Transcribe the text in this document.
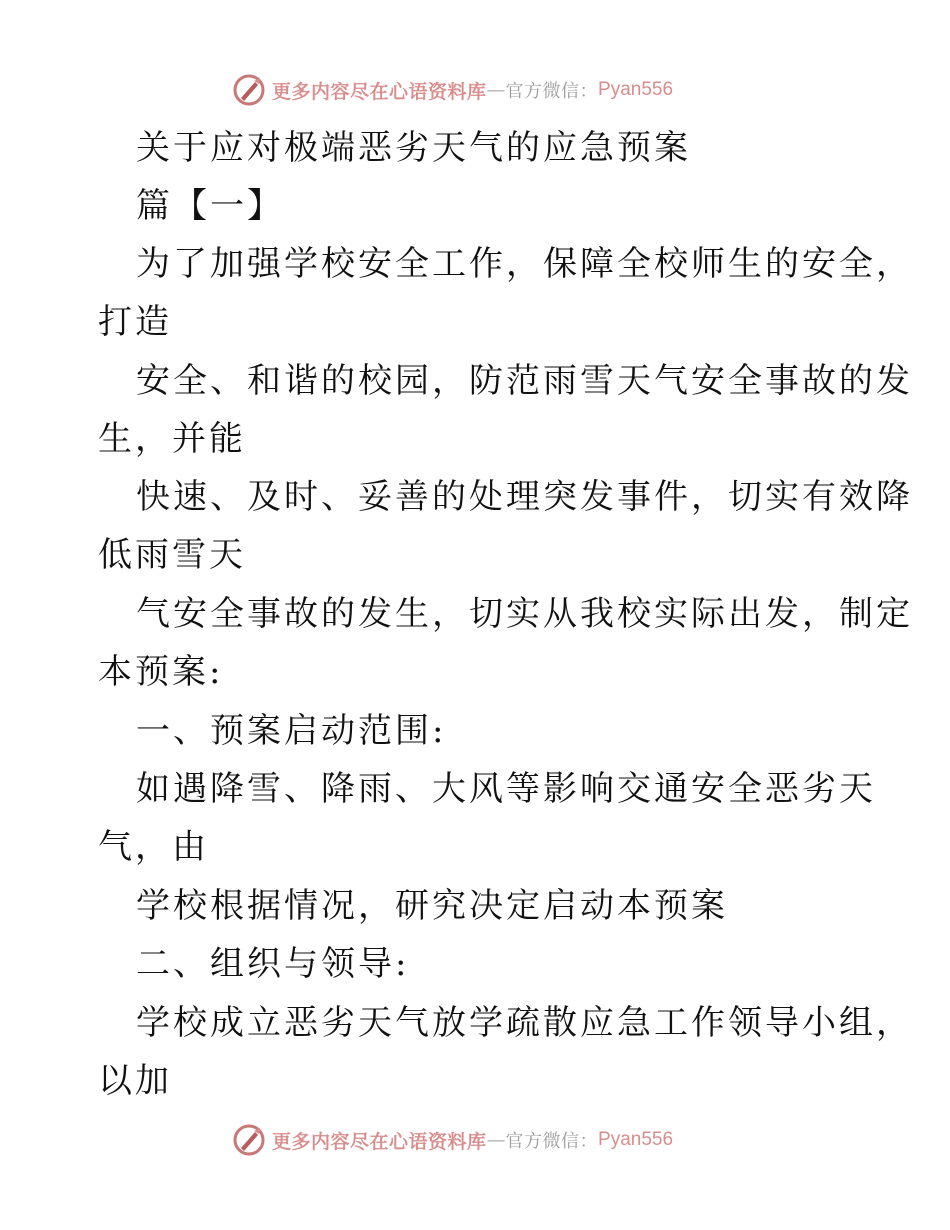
更多内容尽在心语资料库 — 官方微信： Pyan556
关于应对极端恶劣天气的应急预案
篇【一】
为了加强学校安全工作，保障全校师生的安全，
打造
安全、和谐的校园，防范雨雪天气安全事故的发
生，并能
快速、及时、妥善的处理突发事件，切实有效降
低雨雪天
气安全事故的发生，切实从我校实际出发，制定
本预案:
一、预案启动范围:
如遇降雪、降雨、大风等影响交通安全恶劣天
气，由
学校根据情况，研究决定启动本预案
二、组织与领导:
学校成立恶劣天气放学疏散应急工作领导小组，
以加
更多内容尽在心语资料库 — 官方微信： Pyan556
